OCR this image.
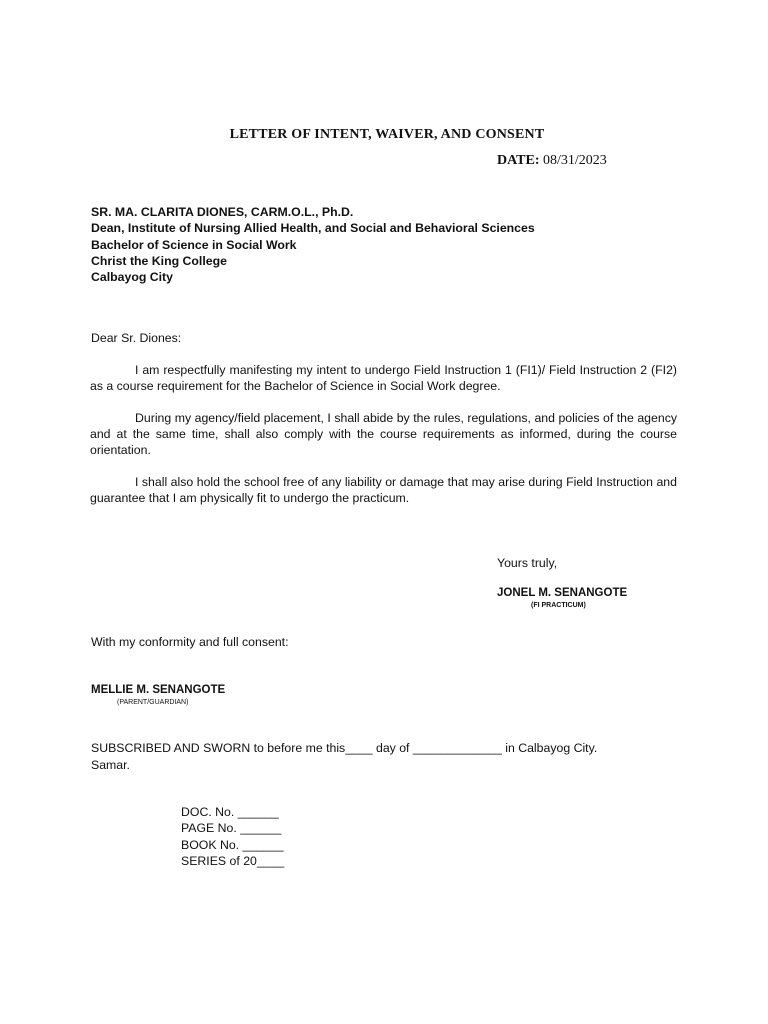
LETTER OF INTENT, WAIVER, AND CONSENT
DATE: 08/31/2023
SR. MA. CLARITA DIONES, CARM.O.L., Ph.D.
Dean, Institute of Nursing Allied Health, and Social and Behavioral Sciences
Bachelor of Science in Social Work
Christ the King College
Calbayog City
Dear Sr. Diones:
I am respectfully manifesting my intent to undergo Field Instruction 1 (FI1)/ Field Instruction 2 (FI2) as a course requirement for the Bachelor of Science in Social Work degree.
During my agency/field placement, I shall abide by the rules, regulations, and policies of the agency and at the same time, shall also comply with the course requirements as informed, during the course orientation.
I shall also hold the school free of any liability or damage that may arise during Field Instruction and guarantee that I am physically fit to undergo the practicum.
Yours truly,
JONEL M. SENANGOTE
(FI PRACTICUM)
With my conformity and full consent:
MELLIE M. SENANGOTE
(PARENT/GUARDIAN)
SUBSCRIBED AND SWORN to before me this____ day of _____________ in Calbayog City.
Samar.
DOC. No. ______
PAGE No. ______
BOOK No. ______
SERIES of 20____
